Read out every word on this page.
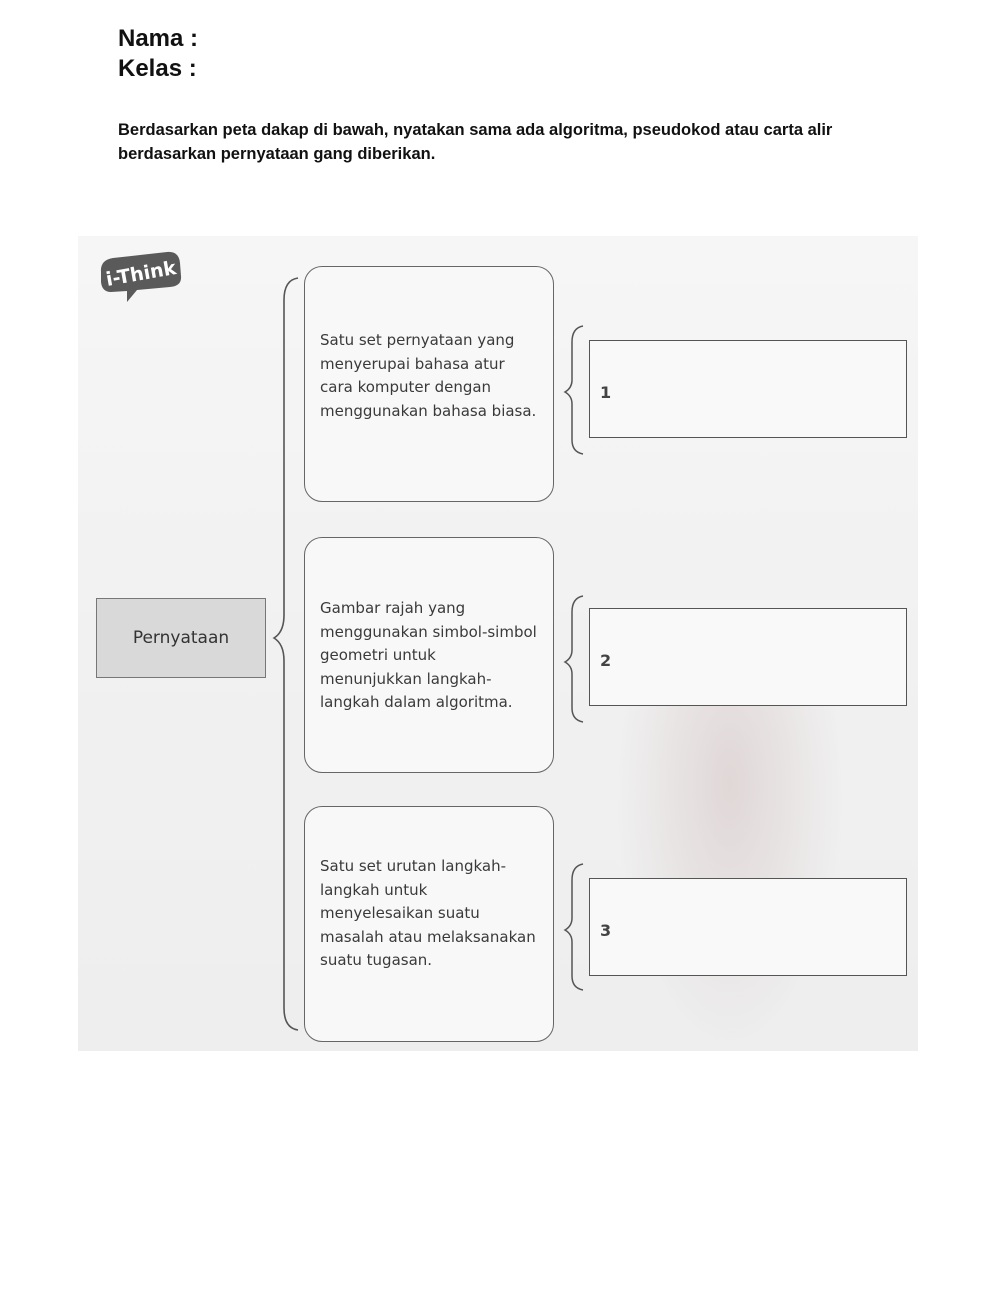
Nama :
Kelas :
Berdasarkan peta dakap di bawah, nyatakan sama ada algoritma, pseudokod atau carta alir berdasarkan pernyataan gang diberikan.
i-Think
Pernyataan

Satu set pernyataan yang menyerupai bahasa atur cara komputer dengan menggunakan bahasa biasa.

Gambar rajah yang menggunakan simbol-simbol geometri untuk menunjukkan langkah-langkah dalam algoritma.

Satu set urutan langkah-langkah untuk menyelesaikan suatu masalah atau melaksanakan suatu tugasan.

1
2
3
